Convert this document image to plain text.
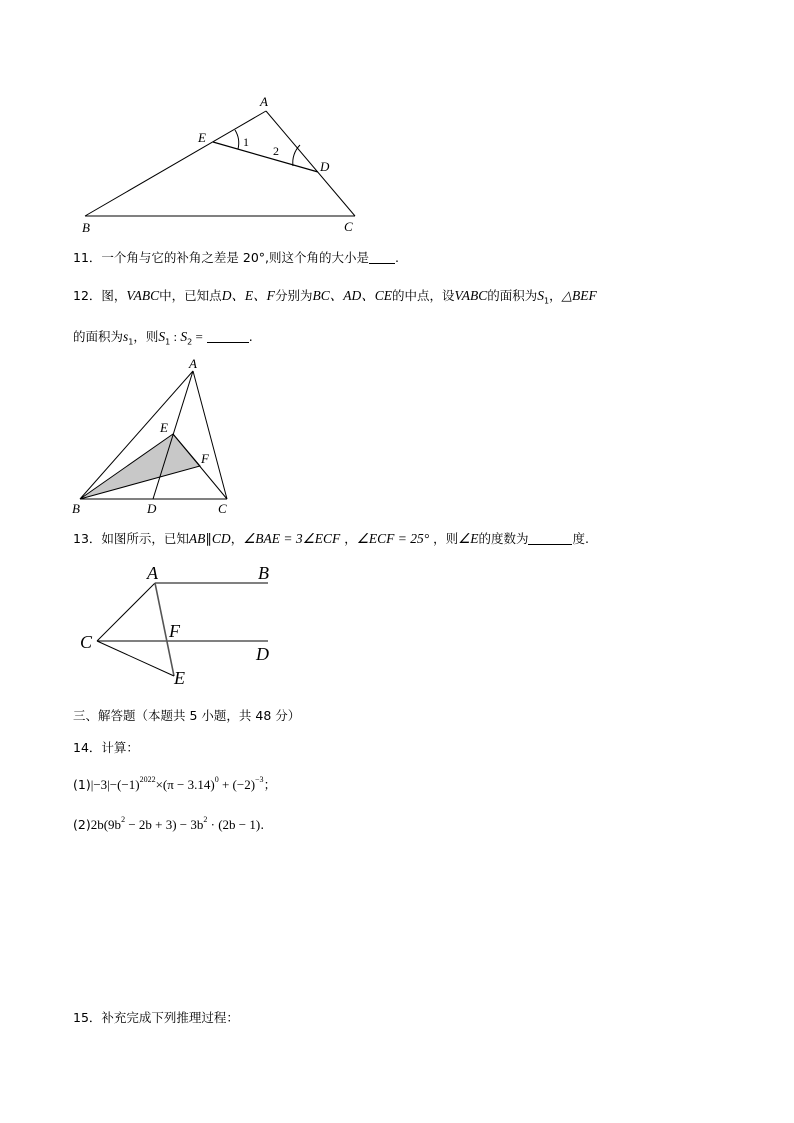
A
B	C
D
E	1
2
11．一个角与它的补角之差是 20°,则这个角的大小是 .
12．图，VABC中，已知点D、E、F分别为BC、AD、CE的中点，设VABC的面积为$S_1$，△BEF
的面积为$s_1$，则$S_1$ : $S_2$ =	.
A
B	C
D
E
F
13．如图所示，已知AB∥CD，∠BAE = 3∠ECF ，∠ECF = 25° ，则∠E的度数为	度.
A	B
C
D
E
F
三、解答题（本题共 5 小题，共 48 分）
14．计算：
$(1)|-3|-(-1)^{2022}\times(\pi - 3.14)^0 + (-2)^{-3}$；
$(2)2b(9b^2 - 2b + 3) - 3b^2 \cdot (2b - 1)$.
15．补充完成下列推理过程：
